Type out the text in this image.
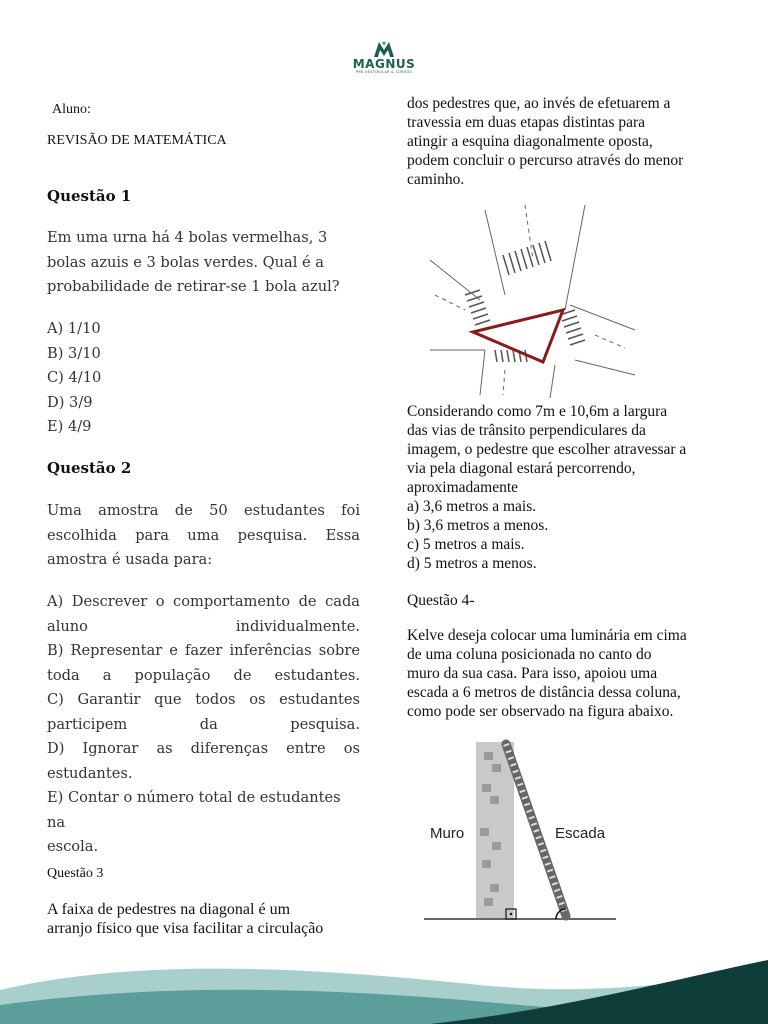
MAGNUS
PRÉ-VESTIBULAR & CURSOS
Aluno:
REVISÃO DE MATEMÁTICA
Questão 1
Em uma urna há 4 bolas vermelhas, 3
bolas azuis e 3 bolas verdes. Qual é a
probabilidade de retirar-se 1 bola azul?
A) 1/10
B) 3/10
C) 4/10
D) 3/9
E) 4/9
Questão 2
Uma amostra de 50 estudantes foi
escolhida para uma pesquisa. Essa
amostra é usada para:
A) Descrever o comportamento de cada
aluno individualmente.
B) Representar e fazer inferências sobre
toda a população de estudantes.
C) Garantir que todos os estudantes
participem da pesquisa.
D) Ignorar as diferenças entre os
estudantes.
E) Contar o número total de estudantes na
escola.
Questão 3
A faixa de pedestres na diagonal é um
arranjo físico que visa facilitar a circulação
dos pedestres que, ao invés de efetuarem a
travessia em duas etapas distintas para
atingir a esquina diagonalmente oposta,
podem concluir o percurso através do menor
caminho.
Considerando como 7m e 10,6m a largura
das vias de trânsito perpendiculares da
imagem, o pedestre que escolher atravessar a
via pela diagonal estará percorrendo,
aproximadamente
a) 3,6 metros a mais.
b) 3,6 metros a menos.
c) 5 metros a mais.
d) 5 metros a menos.
Questão 4-
Kelve deseja colocar uma luminária em cima
de uma coluna posicionada no canto do
muro da sua casa. Para isso, apoiou uma
escada a 6 metros de distância dessa coluna,
como pode ser observado na figura abaixo.
Muro	Escada
